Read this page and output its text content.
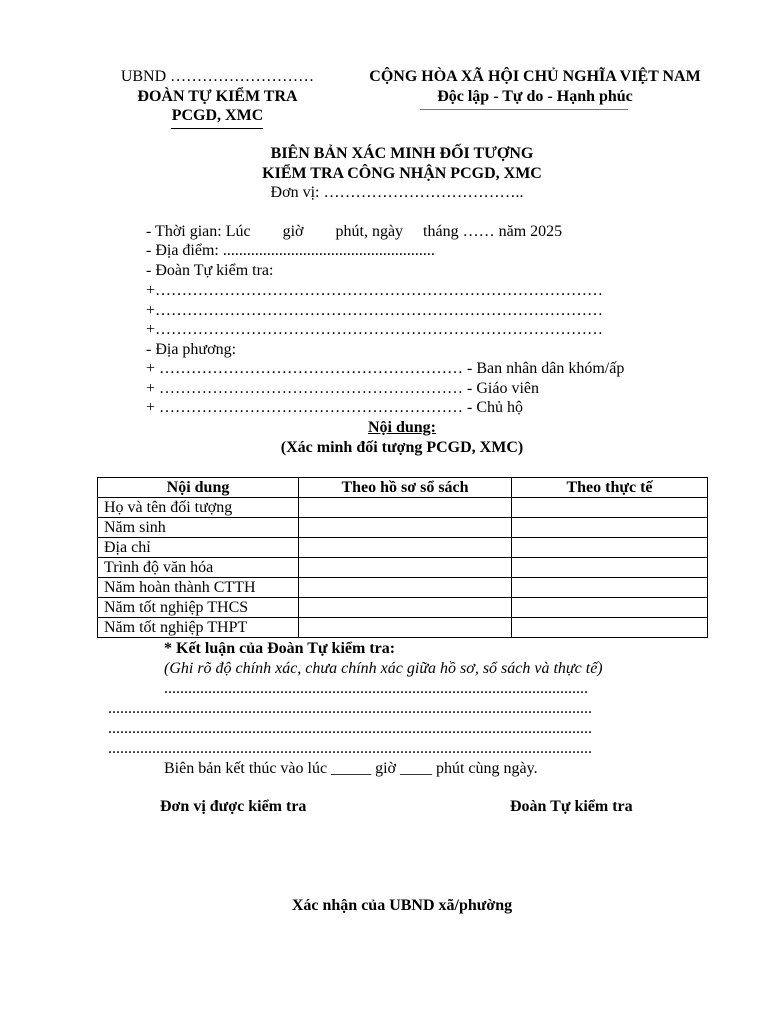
UBND ………………………
ĐOÀN TỰ KIỂM TRA
PCGD, XMC
CỘNG HÒA XÃ HỘI CHỦ NGHĨA VIỆT NAM
Độc lập - Tự do - Hạnh phúc
BIÊN BẢN XÁC MINH ĐỐI TƯỢNG
KIỂM TRA CÔNG NHẬN PCGD, XMC
Đơn vị: ………………………………..
- Thời gian: Lúc        giờ        phút, ngày     tháng …… năm 2025
- Địa điểm: .....................................................
- Đoàn Tự kiểm tra:
+…………………………………………………………………………
+…………………………………………………………………………
+…………………………………………………………………………
- Địa phương:
+ ………………………………………………… - Ban nhân dân khóm/ấp
+ ………………………………………………… - Giáo viên
+ ………………………………………………… - Chủ hộ
Nội dung:
(Xác minh đối tượng PCGD, XMC)
Nội dung	Theo hồ sơ sổ sách	Theo thực tế
Họ và tên đối tượng		
Năm sinh		
Địa chỉ		
Trình độ văn hóa		
Năm hoàn thành CTTH		
Năm tốt nghiệp THCS		
Năm tốt nghiệp THPT		
* Kết luận của Đoàn Tự kiểm tra:
(Ghi rõ độ chính xác, chưa chính xác giữa hồ sơ, sổ sách và thực tế)
..........................................................................................................
.........................................................................................................................
.........................................................................................................................
.........................................................................................................................
Biên bản kết thúc vào lúc _____ giờ ____ phút cùng ngày.
Đơn vị được kiểm tra	Đoàn Tự kiểm tra
Xác nhận của UBND xã/phường
